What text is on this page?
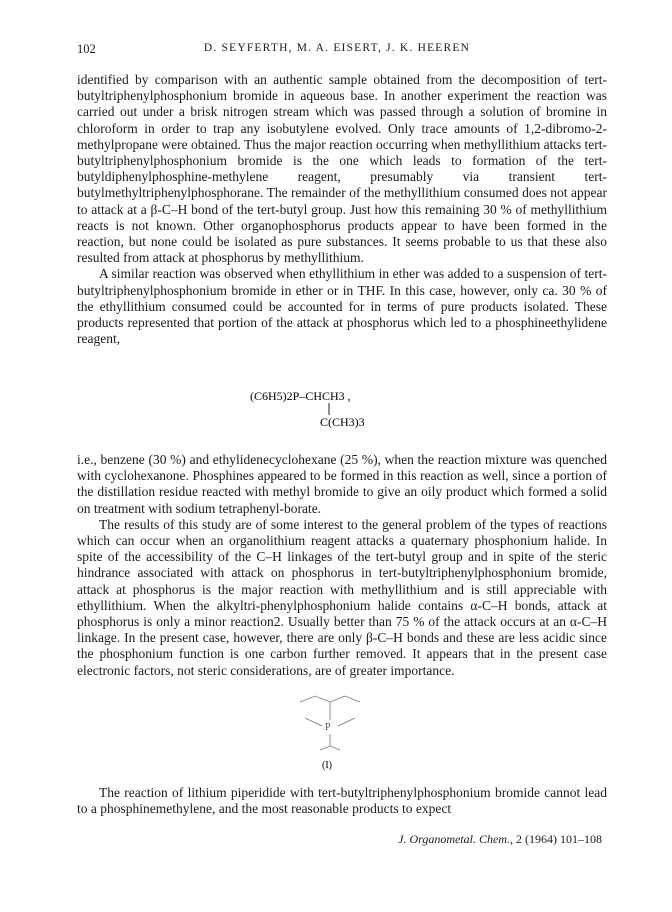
102	D. SEYFERTH, M. A. EISERT, J. K. HEEREN

identified by comparison with an authentic sample obtained from the decomposition of tert-butyltriphenylphosphonium bromide in aqueous base. In another experiment the reaction was carried out under a brisk nitrogen stream which was passed through a solution of bromine in chloroform in order to trap any isobutylene evolved. Only trace amounts of 1,2-dibromo-2-methylpropane were obtained. Thus the major reaction occurring when methyllithium attacks tert-butyltriphenylphosphonium bromide is the one which leads to formation of the tert-butyldiphenylphosphine-methylene reagent, presumably via transient tert-butylmethyltriphenylphosphorane. The remainder of the methyllithium consumed does not appear to attack at a β-C–H bond of the tert-butyl group. Just how this remaining 30 % of methyllithium reacts is not known. Other organophosphorus products appear to have been formed in the reaction, but none could be isolated as pure substances. It seems probable to us that these also resulted from attack at phosphorus by methyllithium.

A similar reaction was observed when ethyllithium in ether was added to a suspension of tert-butyltriphenylphosphonium bromide in ether or in THF. In this case, however, only ca. 30 % of the ethyllithium consumed could be accounted for in terms of pure products isolated. These products represented that portion of the attack at phosphorus which led to a phosphineethylidene reagent,

(C6H5)2P–CHCH3 ,
C(CH3)3

i.e., benzene (30 %) and ethylidenecyclohexane (25 %), when the reaction mixture was quenched with cyclohexanone. Phosphines appeared to be formed in this reaction as well, since a portion of the distillation residue reacted with methyl bromide to give an oily product which formed a solid on treatment with sodium tetraphenyl-borate.

The results of this study are of some interest to the general problem of the types of reactions which can occur when an organolithium reagent attacks a quaternary phosphonium halide. In spite of the accessibility of the C–H linkages of the tert-butyl group and in spite of the steric hindrance associated with attack on phosphorus in tert-butyltriphenylphosphonium bromide, attack at phosphorus is the major reaction with methyllithium and is still appreciable with ethyllithium. When the alkyltri-phenylphosphonium halide contains α-C–H bonds, attack at phosphorus is only a minor reaction2. Usually better than 75 % of the attack occurs at an α-C–H linkage. In the present case, however, there are only β-C–H bonds and these are less acidic since the phosphonium function is one carbon further removed. It appears that in the present case electronic factors, not steric considerations, are of greater importance.

P
(I)

The reaction of lithium piperidide with tert-butyltriphenylphosphonium bromide cannot lead to a phosphinemethylene, and the most reasonable products to expect

J. Organometal. Chem., 2 (1964) 101–108
